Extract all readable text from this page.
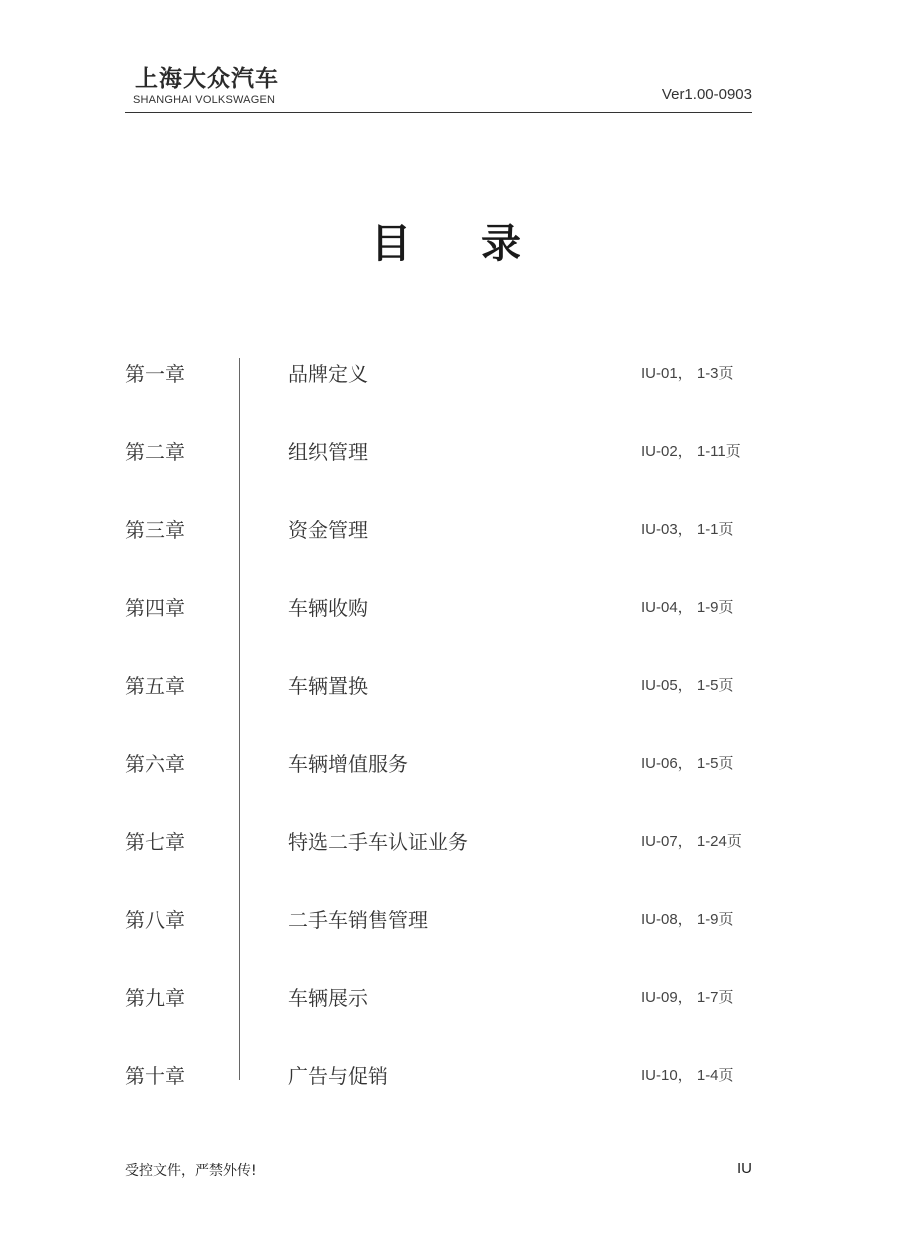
上海大众汽车
SHANGHAI VOLKSWAGEN	Ver1.00-0903
目 录
第一章	品牌定义	IU-01， 1-3页
第二章	组织管理	IU-02， 1-11页
第三章	资金管理	IU-03， 1-1页
第四章	车辆收购	IU-04， 1-9页
第五章	车辆置换	IU-05， 1-5页
第六章	车辆增值服务	IU-06， 1-5页
第七章	特选二手车认证业务	IU-07， 1-24页
第八章	二手车销售管理	IU-08， 1-9页
第九章	车辆展示	IU-09， 1-7页
第十章	广告与促销	IU-10， 1-4页
受控文件，严禁外传!	IU
